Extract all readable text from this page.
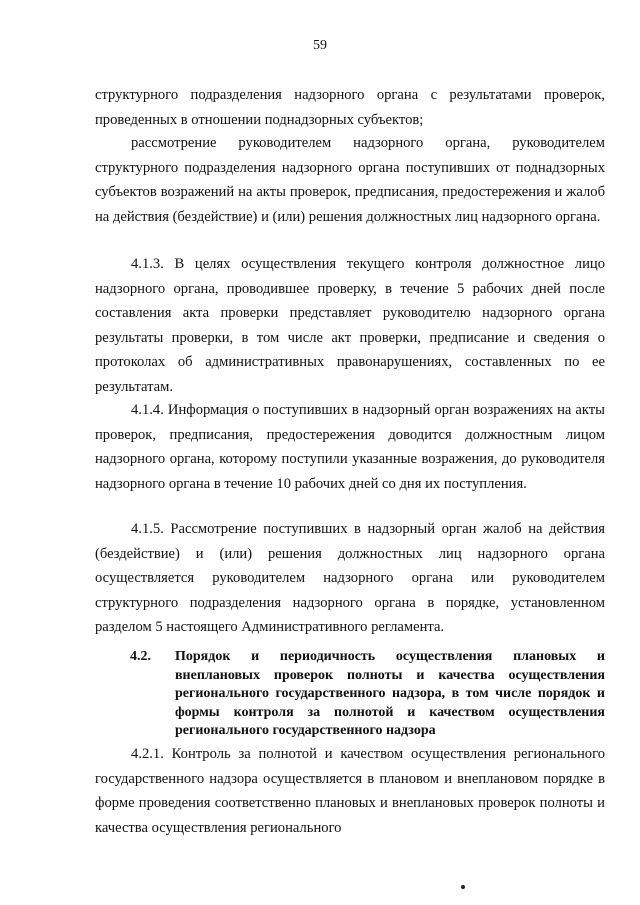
59

структурного подразделения надзорного органа с результатами проверок, проведенных в отношении поднадзорных субъектов;

рассмотрение руководителем надзорного органа, руководителем структурного подразделения надзорного органа поступивших от поднадзорных субъектов возражений на акты проверок, предписания, предостережения и жалоб на действия (бездействие) и (или) решения должностных лиц надзорного органа.

4.1.3. В целях осуществления текущего контроля должностное лицо надзорного органа, проводившее проверку, в течение 5 рабочих дней после составления акта проверки представляет руководителю надзорного органа результаты проверки, в том числе акт проверки, предписание и сведения о протоколах об административных правонарушениях, составленных по ее результатам.

4.1.4. Информация о поступивших в надзорный орган возражениях на акты проверок, предписания, предостережения доводится должностным лицом надзорного органа, которому поступили указанные возражения, до руководителя надзорного органа в течение 10 рабочих дней со дня их поступления.

4.1.5. Рассмотрение поступивших в надзорный орган жалоб на действия (бездействие) и (или) решения должностных лиц надзорного органа осуществляется руководителем надзорного органа или руководителем структурного подразделения надзорного органа в порядке, установленном разделом 5 настоящего Административного регламента.

4.2.	Порядок и периодичность осуществления плановых и внеплановых проверок полноты и качества осуществления регионального государственного надзора, в том числе порядок и формы контроля за полнотой и качеством осуществления регионального государственного надзора

4.2.1. Контроль за полнотой и качеством осуществления регионального государственного надзора осуществляется в плановом и внеплановом порядке в форме проведения соответственно плановых и внеплановых проверок полноты и качества осуществления регионального
